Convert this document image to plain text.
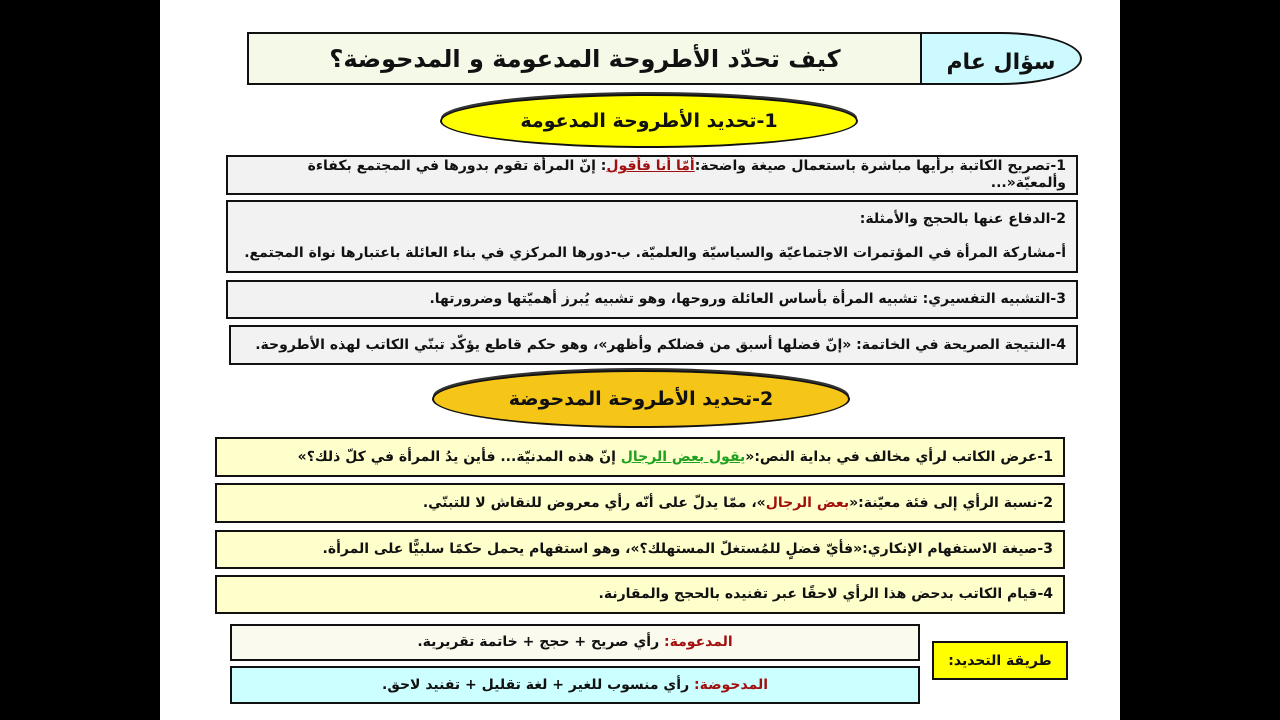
كيف تحدّد الأطروحة المدعومة و المدحوضة؟	سؤال عام
1-تحديد الأطروحة المدعومة
1-تصريح الكاتبة برأيها مباشرة باستعمال صيغة واضحة:أمّا أنا فأقول: إنّ المرأة تقوم بدورها في المجتمع بكفاءة وألمعيّة«...
2-الدفاع عنها بالحجج والأمثلة:
أ-مشاركة المرأة في المؤتمرات الاجتماعيّة والسياسيّة والعلميّة. ب-دورها المركزي في بناء العائلة باعتبارها نواة المجتمع.
3-التشبيه التفسيري: تشبيه المرأة بأساس العائلة وروحها، وهو تشبيه يُبرز أهميّتها وضرورتها.
4-النتيجة الصريحة في الخاتمة: «إنّ فضلها أسبق من فضلكم وأظهر»، وهو حكم قاطع يؤكّد تبنّي الكاتب لهذه الأطروحة.
2-تحديد الأطروحة المدحوضة
1-عرض الكاتب لرأي مخالف في بداية النص:«يقول بعض الرجال إنّ هذه المدنيّة... فأين يدُ المرأة في كلّ ذلك؟»
2-نسبة الرأي إلى فئة معيّنة:«بعض الرجال»، ممّا يدلّ على أنّه رأي معروض للنقاش لا للتبنّي.
3-صيغة الاستفهام الإنكاري:«فأيّ فضلٍ للمُستغلّ المستهلك؟»، وهو استفهام يحمل حكمًا سلبيًّا على المرأة.
4-قيام الكاتب بدحض هذا الرأي لاحقًا عبر تفنيده بالحجج والمقارنة.
المدعومة: رأي صريح + حجج + خاتمة تقريرية.
المدحوضة: رأي منسوب للغير + لغة تقليل + تفنيد لاحق.
طريقة التحديد:
